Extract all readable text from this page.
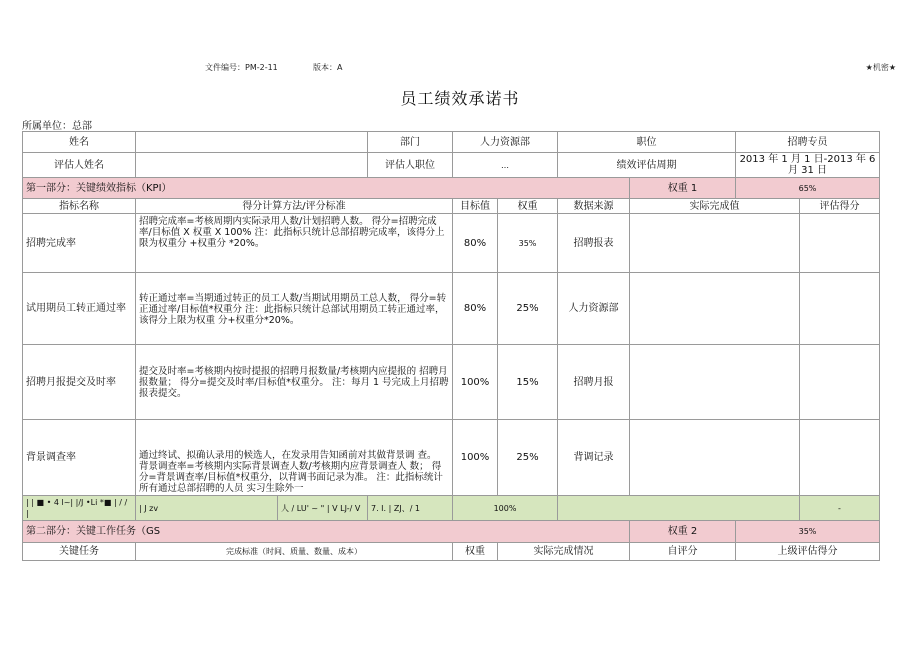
文件编号：PM-2-11	版本：A	★机密★
员工绩效承诺书
所属单位：总部
姓名			部门	人力资源部		职位		招聘专员	
评估人姓名			评估人职位	…		绩效评估周期		2013 年 1 月 1 日-2013 年 6 月 31 日	
第一部分：关键绩效指标（KPI）							权重 1	65%	
指标名称	得分计算方法/评分标准			目标值	权重	数据来源	实际完成值		评估得分
招聘完成率	招聘完成率=考核周期内实际录用人数/计划招聘人数。 得分=招聘完成率/目标值 X 权重 X 100% 注：此指标只统计总部招聘完成率，该得分上限为权重分 +权重分 *20%。			80%	35%	招聘报表			
试用期员工转正通过率	转正通过率=当期通过转正的员工人数/当期试用期员工总人数， 得分=转正通过率/目标值*权重分 注：此指标只统计总部试用期员工转正通过率，该得分上限为权重 分+权重分*20%。			80%	25%	人力资源部			
招聘月报提交及时率	提交及时率=考核期内按时提报的招聘月报数量/考核期内应提报的 招聘月报数量； 得分=提交及时率/目标值*权重分。 注：每月 1 号完成上月招聘报表提交。			100%	15%	招聘月报			
背景调查率	通过终试、拟确认录用的候选人，在发录用告知函前对其做背景调 查。 背景调查率=考核期内实际背景调查人数/考核期内应背景调查人 数； 得分=背景调查率/目标值*权重分，以背调书面记录为准。 注：此指标统计所有通过总部招聘的人员 实习生除外一			100%	25%	背调记录			
| | ■ • 4 l~| |/J •Li *■ | / / |	| J zv	人 / LU' ~ " | V LJ-/ V	7. I. | ZJ、/ 1	100%					-
第二部分：关键工作任务（GS							权重 2	35%	
关键任务	完成标准（时间、质量、数量、成本）			权重	实际完成情况		自评分	上级评估得分	
